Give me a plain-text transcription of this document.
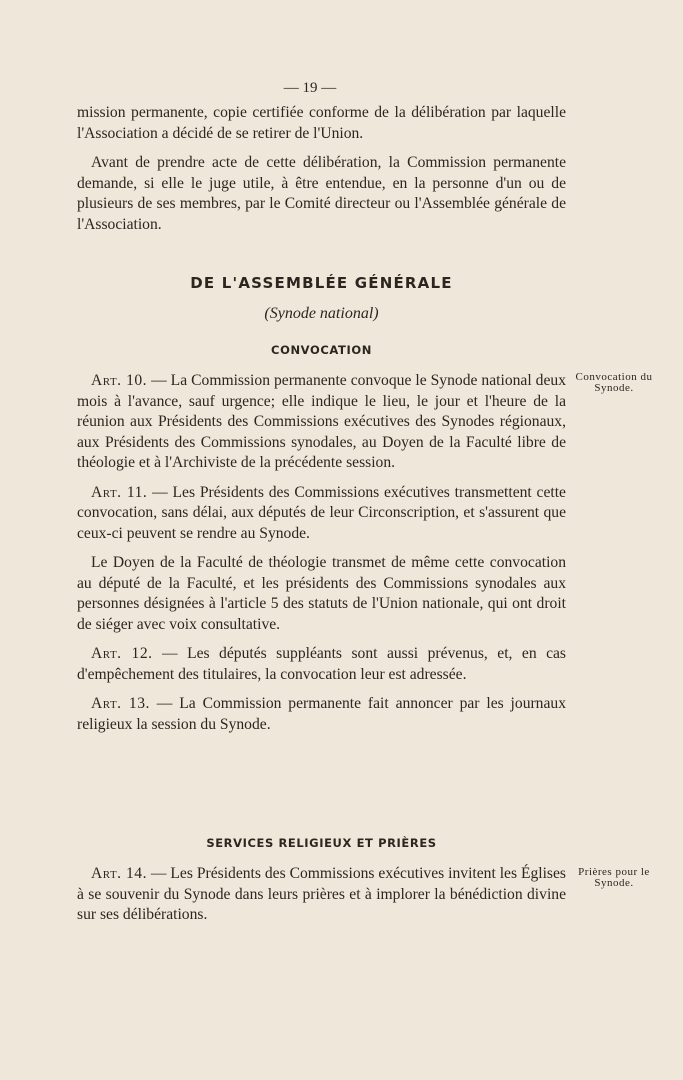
— 19 —

mission permanente, copie certifiée conforme de la délibération par laquelle l'Association a décidé de se retirer de l'Union.

Avant de prendre acte de cette délibération, la Commission permanente demande, si elle le juge utile, à être entendue, en la personne d'un ou de plusieurs de ses membres, par le Comité directeur ou l'Assemblée générale de l'Association.

DE L'ASSEMBLÉE GÉNÉRALE
(Synode national)
CONVOCATION

Art. 10. — La Commission permanente convoque le Synode national deux mois à l'avance, sauf urgence; elle indique le lieu, le jour et l'heure de la réunion aux Présidents des Commissions exécutives des Synodes régionaux, aux Présidents des Commissions synodales, au Doyen de la Faculté libre de théologie et à l'Archiviste de la précédente session.

Art. 11. — Les Présidents des Commissions exécutives transmettent cette convocation, sans délai, aux députés de leur Circonscription, et s'assurent que ceux-ci peuvent se rendre au Synode.

Le Doyen de la Faculté de théologie transmet de même cette convocation au député de la Faculté, et les présidents des Commissions synodales aux personnes désignées à l'article 5 des statuts de l'Union nationale, qui ont droit de siéger avec voix consultative.

Art. 12. — Les députés suppléants sont aussi prévenus, et, en cas d'empêchement des titulaires, la convocation leur est adressée.

Art. 13. — La Commission permanente fait annoncer par les journaux religieux la session du Synode.

SERVICES RELIGIEUX ET PRIÈRES

Art. 14. — Les Présidents des Commissions exécutives invitent les Églises à se souvenir du Synode dans leurs prières et à implorer la bénédiction divine sur ses délibérations.

Convocation du Synode.
Prières pour le Synode.
